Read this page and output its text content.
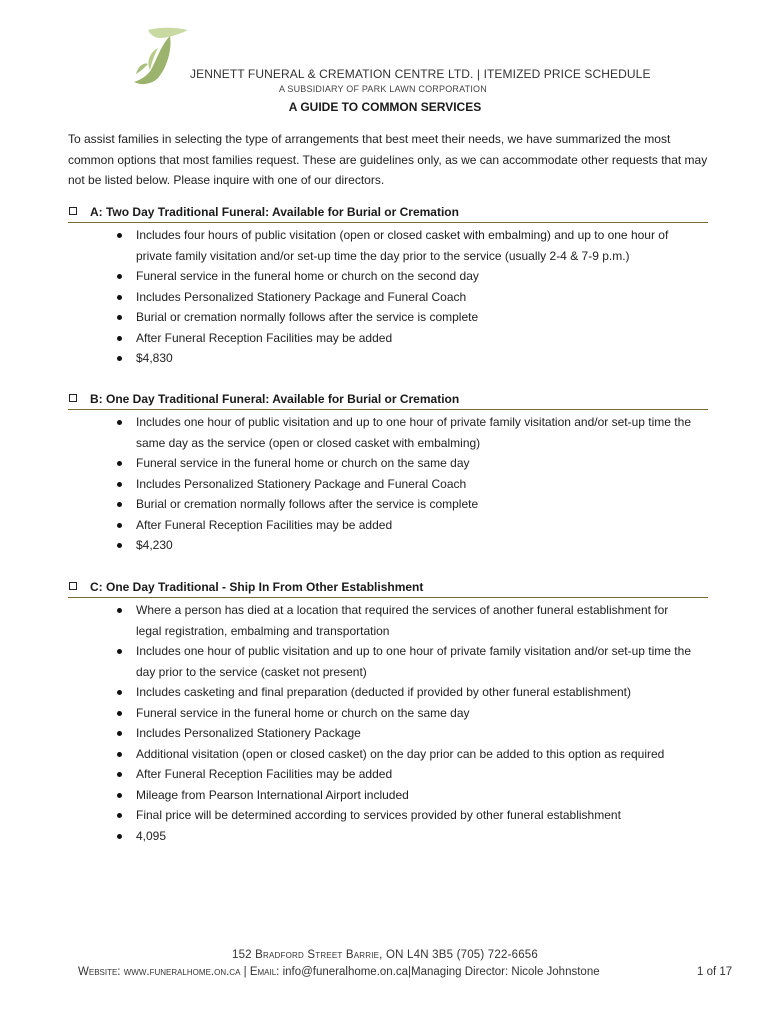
JENNETT FUNERAL & CREMATION CENTRE LTD. | ITEMIZED PRICE SCHEDULE
A SUBSIDIARY OF PARK LAWN CORPORATION
A GUIDE TO COMMON SERVICES
To assist families in selecting the type of arrangements that best meet their needs, we have summarized the most common options that most families request. These are guidelines only, as we can accommodate other requests that may not be listed below. Please inquire with one of our directors.
A: Two Day Traditional Funeral: Available for Burial or Cremation
Includes four hours of public visitation (open or closed casket with embalming) and up to one hour of private family visitation and/or set-up time the day prior to the service (usually 2-4 & 7-9 p.m.)
Funeral service in the funeral home or church on the second day
Includes Personalized Stationery Package and Funeral Coach
Burial or cremation normally follows after the service is complete
After Funeral Reception Facilities may be added
$4,830
B: One Day Traditional Funeral: Available for Burial or Cremation
Includes one hour of public visitation and up to one hour of private family visitation and/or set-up time the same day as the service (open or closed casket with embalming)
Funeral service in the funeral home or church on the same day
Includes Personalized Stationery Package and Funeral Coach
Burial or cremation normally follows after the service is complete
After Funeral Reception Facilities may be added
$4,230
C: One Day Traditional - Ship In From Other Establishment
Where a person has died at a location that required the services of another funeral establishment for legal registration, embalming and transportation
Includes one hour of public visitation and up to one hour of private family visitation and/or set-up time the day prior to the service (casket not present)
Includes casketing and final preparation (deducted if provided by other funeral establishment)
Funeral service in the funeral home or church on the same day
Includes Personalized Stationery Package
Additional visitation (open or closed casket) on the day prior can be added to this option as required
After Funeral Reception Facilities may be added
Mileage from Pearson International Airport included
Final price will be determined according to services provided by other funeral establishment
4,095
152 Bradford Street Barrie, ON L4N 3B5 (705) 722-6656
Website: www.funeralhome.on.ca | Email: info@funeralhome.on.ca|Managing Director: Nicole Johnstone	1 of 17
